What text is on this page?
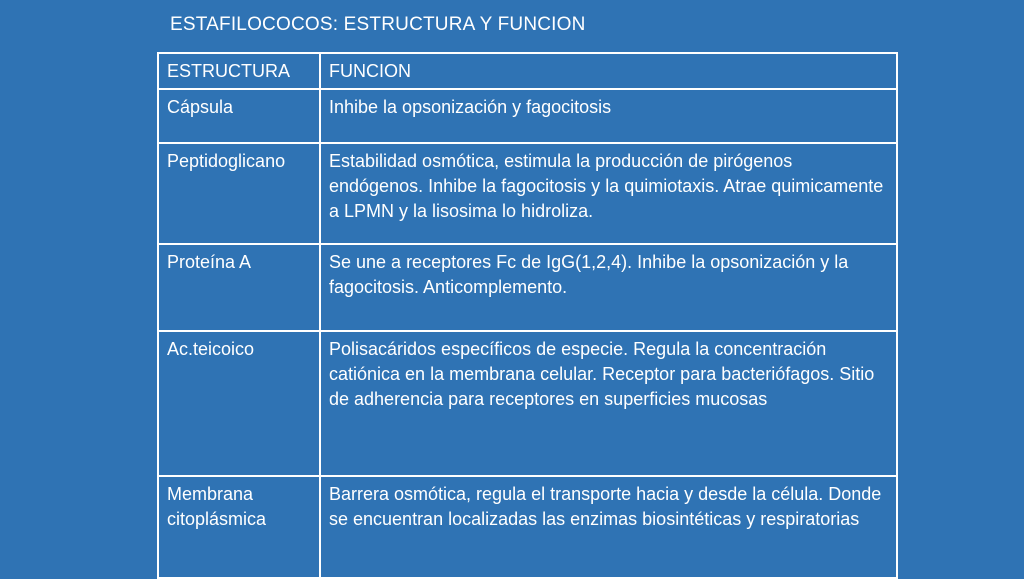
ESTAFILOCOCOS: ESTRUCTURA Y FUNCION
ESTRUCTURA	FUNCION
Cápsula	Inhibe la opsonización y fagocitosis
Peptidoglicano	Estabilidad osmótica, estimula la producción de pirógenos endógenos. Inhibe la fagocitosis y la quimiotaxis. Atrae quimicamente a LPMN y la lisosima lo hidroliza.
Proteína A	Se une a receptores Fc de IgG(1,2,4). Inhibe la opsonización y la fagocitosis. Anticomplemento.
Ac.teicoico	Polisacáridos específicos de especie. Regula la concentración catiónica en la membrana celular. Receptor para bacteriófagos. Sitio de adherencia para receptores en superficies mucosas
Membrana citoplásmica	Barrera osmótica, regula el transporte hacia y desde la célula. Donde se encuentran localizadas las enzimas biosintéticas y respiratorias
